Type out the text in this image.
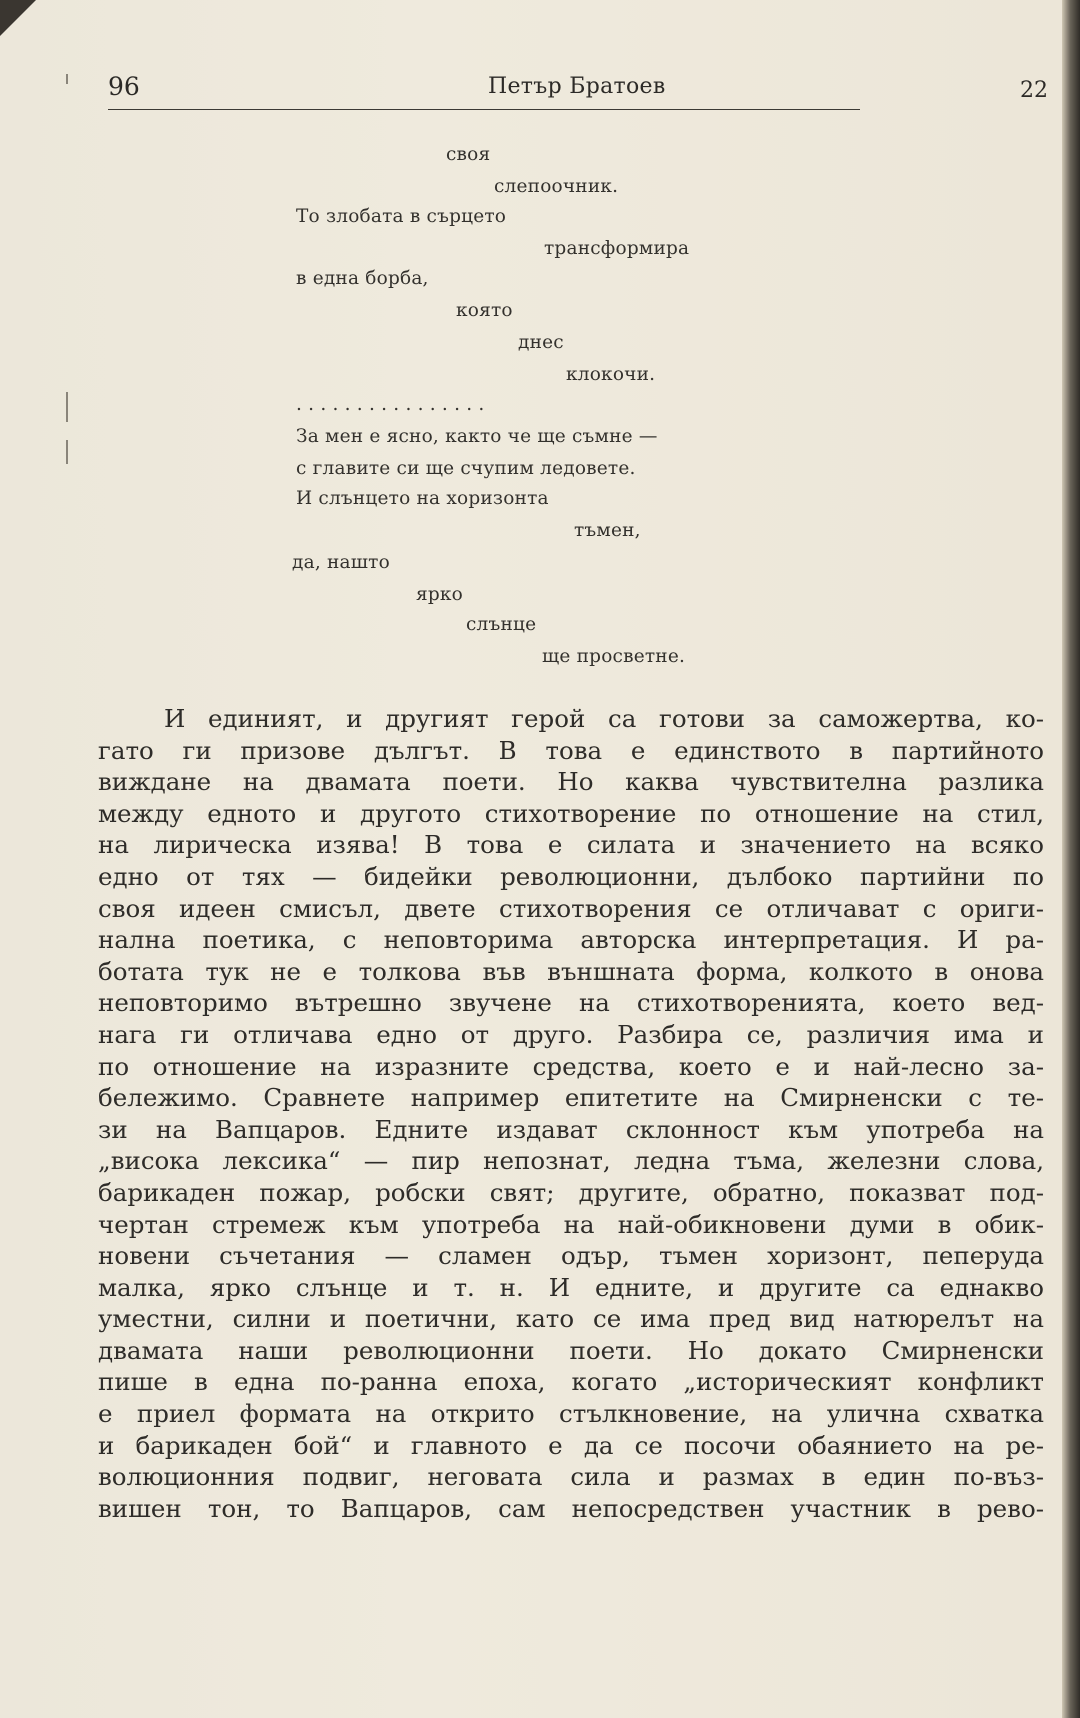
96	Петър Братоев	22
своя
слепоочник.
То злобата в сърцето
трансформира
в една борба,
която
днес
клокочи.
. . . . . . . . . . . . . . . .
За мен е ясно, както че ще съмне —
с главите си ще счупим ледовете.
И слънцето на хоризонта
тъмен,
да, нашто
ярко
слънце
ще просветне.
И единият, и другият герой са готови за саможертва, ко-
гато ги призове дългът. В това е единството в партийното
виждане на двамата поети. Но каква чувствителна разлика
между едното и другото стихотворение по отношение на стил,
на лирическа изява! В това е силата и значението на всяко
едно от тях — бидейки революционни, дълбоко партийни по
своя идеен смисъл, двете стихотворения се отличават с ориги-
нална поетика, с неповторима авторска интерпретация. И ра-
ботата тук не е толкова във външната форма, колкото в онова
неповторимо вътрешно звучене на стихотворенията, което вед-
нага ги отличава едно от друго. Разбира се, различия има и
по отношение на изразните средства, което е и най-лесно за-
бележимо. Сравнете например епитетите на Смирненски с те-
зи на Вапцаров. Едните издават склонност към употреба на
„висока лексика“ — пир непознат, ледна тъма, железни слова,
барикаден пожар, робски свят; другите, обратно, показват под-
чертан стремеж към употреба на най-обикновени думи в обик-
новени съчетания — сламен одър, тъмен хоризонт, пеперуда
малка, ярко слънце и т. н. И едните, и другите са еднакво
уместни, силни и поетични, като се има пред вид натюрелът на
двамата наши революционни поети. Но докато Смирненски
пише в една по-ранна епоха, когато „историческият конфликт
е приел формата на открито стълкновение, на улична схватка
и барикаден бой“ и главното е да се посочи обаянието на ре-
волюционния подвиг, неговата сила и размах в един по-въз-
вишен тон, то Вапцаров, сам непосредствен участник в рево-
